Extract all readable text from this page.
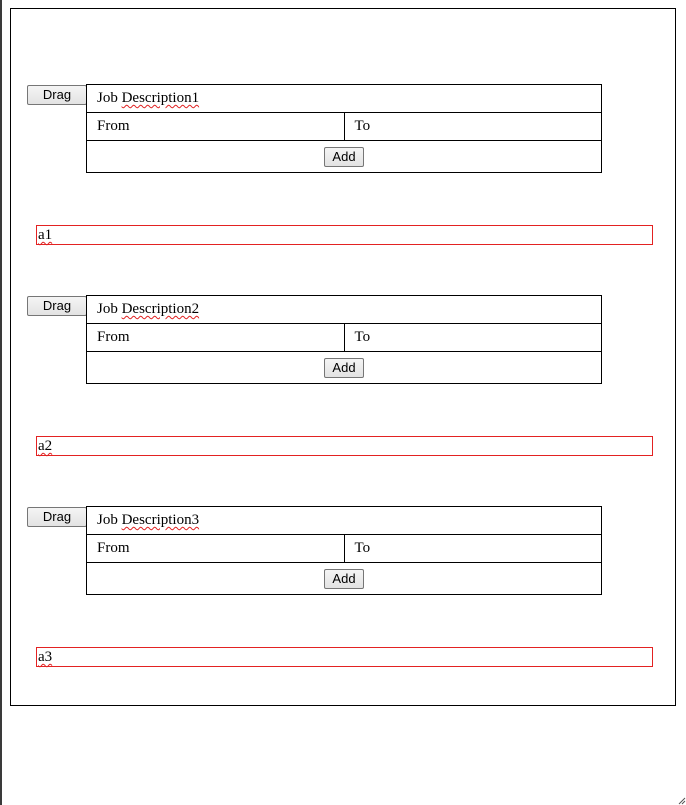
Drag	Job Description1
From	To
Add
a1
Drag	Job Description2
From	To
Add
a2
Drag	Job Description3
From	To
Add
a3
